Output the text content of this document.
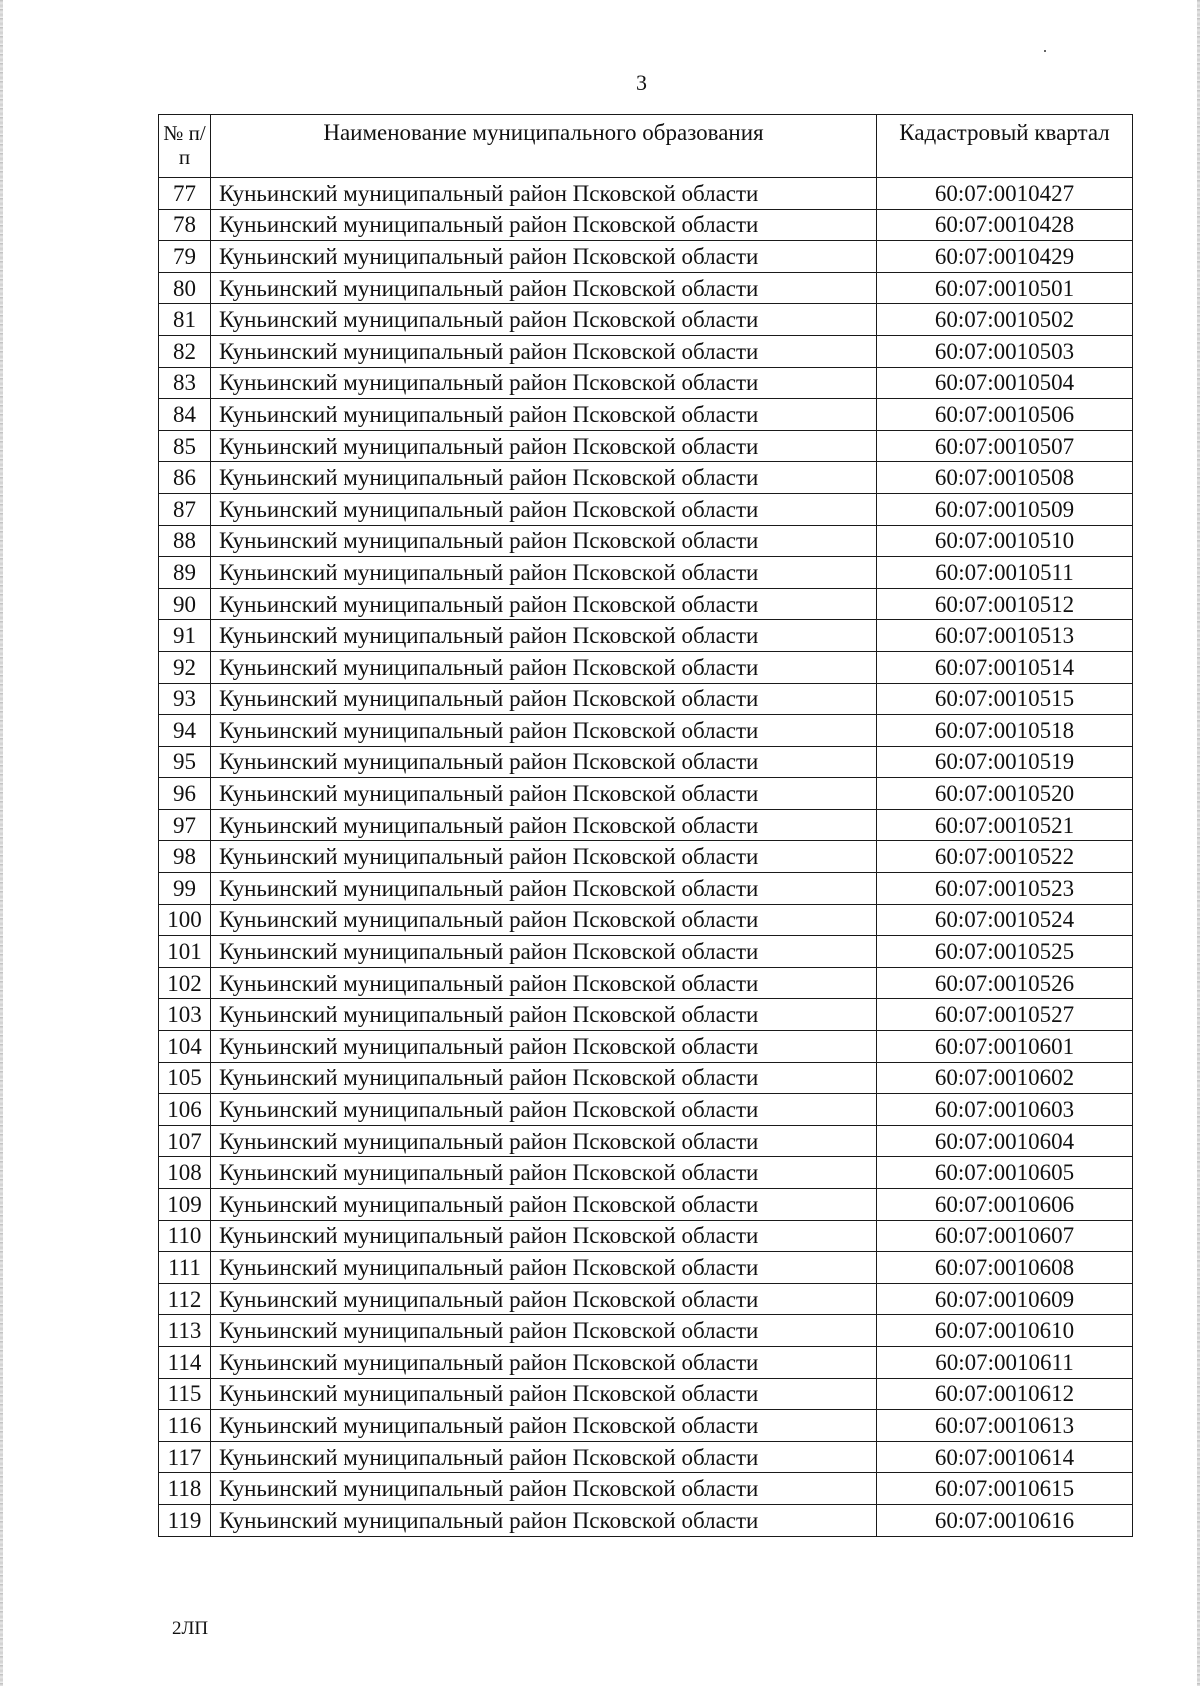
3
№ п/п	Наименование муниципального образования	Кадастровый квартал
77	Куньинский муниципальный район Псковской области	60:07:0010427
78	Куньинский муниципальный район Псковской области	60:07:0010428
79	Куньинский муниципальный район Псковской области	60:07:0010429
80	Куньинский муниципальный район Псковской области	60:07:0010501
81	Куньинский муниципальный район Псковской области	60:07:0010502
82	Куньинский муниципальный район Псковской области	60:07:0010503
83	Куньинский муниципальный район Псковской области	60:07:0010504
84	Куньинский муниципальный район Псковской области	60:07:0010506
85	Куньинский муниципальный район Псковской области	60:07:0010507
86	Куньинский муниципальный район Псковской области	60:07:0010508
87	Куньинский муниципальный район Псковской области	60:07:0010509
88	Куньинский муниципальный район Псковской области	60:07:0010510
89	Куньинский муниципальный район Псковской области	60:07:0010511
90	Куньинский муниципальный район Псковской области	60:07:0010512
91	Куньинский муниципальный район Псковской области	60:07:0010513
92	Куньинский муниципальный район Псковской области	60:07:0010514
93	Куньинский муниципальный район Псковской области	60:07:0010515
94	Куньинский муниципальный район Псковской области	60:07:0010518
95	Куньинский муниципальный район Псковской области	60:07:0010519
96	Куньинский муниципальный район Псковской области	60:07:0010520
97	Куньинский муниципальный район Псковской области	60:07:0010521
98	Куньинский муниципальный район Псковской области	60:07:0010522
99	Куньинский муниципальный район Псковской области	60:07:0010523
100	Куньинский муниципальный район Псковской области	60:07:0010524
101	Куньинский муниципальный район Псковской области	60:07:0010525
102	Куньинский муниципальный район Псковской области	60:07:0010526
103	Куньинский муниципальный район Псковской области	60:07:0010527
104	Куньинский муниципальный район Псковской области	60:07:0010601
105	Куньинский муниципальный район Псковской области	60:07:0010602
106	Куньинский муниципальный район Псковской области	60:07:0010603
107	Куньинский муниципальный район Псковской области	60:07:0010604
108	Куньинский муниципальный район Псковской области	60:07:0010605
109	Куньинский муниципальный район Псковской области	60:07:0010606
110	Куньинский муниципальный район Псковской области	60:07:0010607
111	Куньинский муниципальный район Псковской области	60:07:0010608
112	Куньинский муниципальный район Псковской области	60:07:0010609
113	Куньинский муниципальный район Псковской области	60:07:0010610
114	Куньинский муниципальный район Псковской области	60:07:0010611
115	Куньинский муниципальный район Псковской области	60:07:0010612
116	Куньинский муниципальный район Псковской области	60:07:0010613
117	Куньинский муниципальный район Псковской области	60:07:0010614
118	Куньинский муниципальный район Псковской области	60:07:0010615
119	Куньинский муниципальный район Псковской области	60:07:0010616
2ЛП
